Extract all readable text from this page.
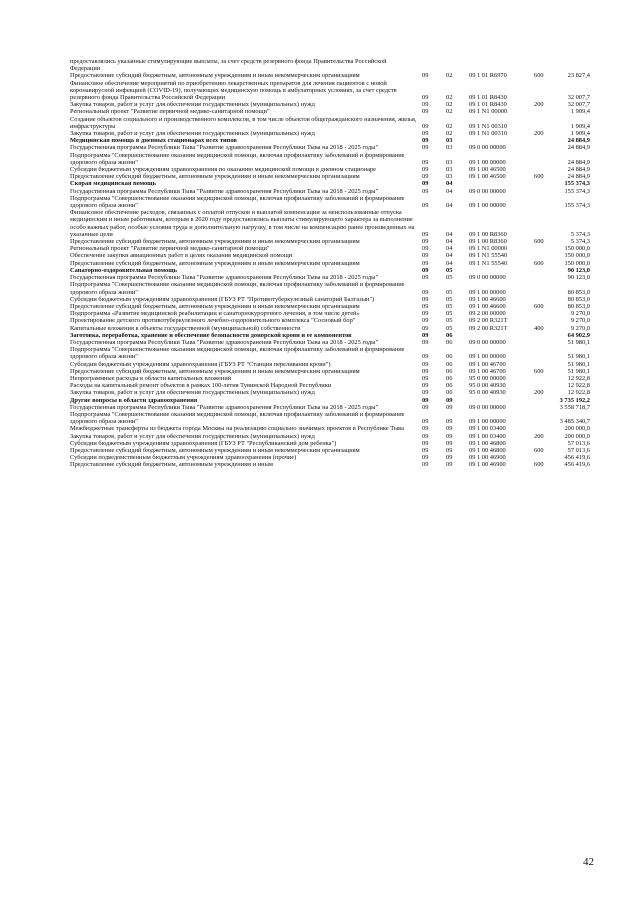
предоставлялись указанные стимулирующие выплаты, за счет средств резервного фонда Правительства Российской Федерации
Предоставление субсидий бюджетным, автономным учреждениям и иным некоммерческим организациям	09	02	09 1 01 R6970	600	23 827,4
Финансовое обеспечение мероприятий по приобретению лекарственных препаратов для лечения пациентов с новой коронавирусной инфекцией (COVID-19), получающих медицинскую помощь в амбулаторных условиях, за счет средств резервного фонда Правительства Российской Федерации	09	02	09 1 01 R8430	32 007,7
Закупка товаров, работ и услуг для обеспечения государственных (муниципальных) нужд	09	02	09 1 01 R8430	200	32 007,7
Региональный проект "Развитие первичной медико-санитарной помощи"	09	02	09 1 N1 00000	1 909,4
Создание объектов социального и производственного комплексов, в том числе объектов общегражданского назначения, жилья, инфраструктуры	09	02	09 1 N1 00310	1 909,4
Закупка товаров, работ и услуг для обеспечения государственных (муниципальных) нужд	09	02	09 1 N1 00310	200	1 909,4
Медицинская помощь в дневных стационарах всех типов	09	03	24 884,9
Государственная программа Республики Тыва "Развитие здравоохранения Республики Тыва на 2018 - 2025 годы"	09	03	09 0 00 00000	24 884,9
Подпрограмма "Совершенствование оказания медицинской помощи, включая профилактику заболеваний и формирование здорового образа жизни"	09	03	09 1 00 00000	24 884,9
Субсидии бюджетным учреждениям здравоохранения по оказанию медицинской помощи в дневном стационаре	09	03	09 1 00 46500	24 884,9
Предоставление субсидий бюджетным, автономным учреждениям и иным некоммерческим организациям	09	03	09 1 00 46500	600	24 884,9
Скорая медицинская помощь	09	04	155 374,3
Государственная программа Республики Тыва "Развитие здравоохранения Республики Тыва на 2018 - 2025 годы"	09	04	09 0 00 00000	155 374,3
Подпрограмма "Совершенствование оказания медицинской помощи, включая профилактику заболеваний и формирование здорового образа жизни"	09	04	09 1 00 00000	155 374,3
Финансовое обеспечение расходов, связанных с оплатой отпусков и выплатой компенсации за неиспользованные отпуска медицинским и иным работникам, которым в 2020 году предоставлялись выплаты стимулирующего характера за выполнение особо важных работ, особые условия труда и дополнительную нагрузку, в том числе на компенсацию ранее произведенных на указанные цели	09	04	09 1 00 R8360	5 374,3
Предоставление субсидий бюджетным, автономным учреждениям и иным некоммерческим организациям	09	04	09 1 00 R8360	600	5 374,3
Региональный проект "Развитие первичной медико-санитарной помощи"	09	04	09 1 N1 00000	150 000,0
Обеспечение закупки авиационных работ в целях оказания медицинской помощи	09	04	09 1 N1 55540	150 000,0
Предоставление субсидий бюджетным, автономным учреждениям и иным некоммерческим организациям	09	04	09 1 N1 55540	600	150 000,0
Санаторно-оздоровительная помощь	09	05	90 123,0
Государственная программа Республики Тыва "Развитие здравоохранения Республики Тыва на 2018 - 2025 годы"	09	05	09 0 00 00000	90 123,0
Подпрограмма "Совершенствование оказания медицинской помощи, включая профилактику заболеваний и формирование здорового образа жизни"	09	05	09 1 00 00000	80 853,0
Субсидии бюджетным учреждениям здравоохранения (ГБУЗ РТ "Противотуберкулезный санаторий Балгазын")	09	05	09 1 00 46600	80 853,0
Предоставление субсидий бюджетным, автономным учреждениям и иным некоммерческим организациям	09	05	09 1 00 46600	600	80 853,0
Подпрограмма «Развитие медицинской реабилитации и санаторнокурортного лечения, в том числе детей»	09	05	09 2 00 00000	9 270,0
Проектирование детского противотуберкулезного лечебно-оздоровительного комплекса "Сосновый бор"	09	05	09 2 00 R321T	9 270,0
Капитальные вложения в объекты государственной (муниципальной) собственности	09	05	09 2 00 R321T	400	9 270,0
Заготовка, переработка, хранение и обеспечение безопасности донорской крови и ее компонентов	09	06	64 902,9
Государственная программа Республики Тыва "Развитие здравоохранения Республики Тыва на 2018 - 2025 годы"	09	06	09 0 00 00000	51 980,1
Подпрограмма "Совершенствование оказания медицинской помощи, включая профилактику заболеваний и формирование здорового образа жизни"	09	06	09 1 00 00000	51 980,1
Субсидии бюджетным учреждениям здравоохранения (ГБУЗ РТ "Станция переливания крови")	09	06	09 1 00 46700	51 980,1
Предоставление субсидий бюджетным, автономным учреждениям и иным некоммерческим организациям	09	06	09 1 00 46700	600	51 980,1
Непрограммные расходы в области капитальных вложений	09	06	95 0 00 00000	12 922,8
Расходы на капитальный ремонт объектов в рамках 100-летия Тувинской Народной Республики	09	06	95 0 00 40930	12 922,8
Закупка товаров, работ и услуг для обеспечения государственных (муниципальных) нужд	09	06	95 0 00 40930	200	12 922,8
Другие вопросы в области здравоохранения	09	09	3 735 192,2
Государственная программа Республики Тыва "Развитие здравоохранения Республики Тыва на 2018 - 2025 годы"	09	09	09 0 00 00000	3 558 718,7
Подпрограмма "Совершенствование оказания медицинской помощи, включая профилактику заболеваний и формирование здорового образа жизни"	09	09	09 1 00 00000	3 485 340,7
Межбюджетные трансферты из бюджета города Москвы на реализацию социально значимых проектов в Республике Тыва	09	09	09 1 00 03400	200 000,0
Закупка товаров, работ и услуг для обеспечения государственных (муниципальных) нужд	09	09	09 1 00 03400	200	200 000,0
Субсидии бюджетным учреждениям здравоохранения (ГБУЗ РТ "Республиканский дом ребенка")	09	09	09 1 00 46800	57 013,6
Предоставление субсидий бюджетным, автономным учреждениям и иным некоммерческим организациям	09	09	09 1 00 46800	600	57 013,6
Субсидии подведомственным бюджетным учреждениям здравоохранения (прочие)	09	09	09 1 00 46900	456 419,6
Предоставление субсидий бюджетным, автономным учреждениям и иным	09	09	09 1 00 46900	600	456 419,6
42
